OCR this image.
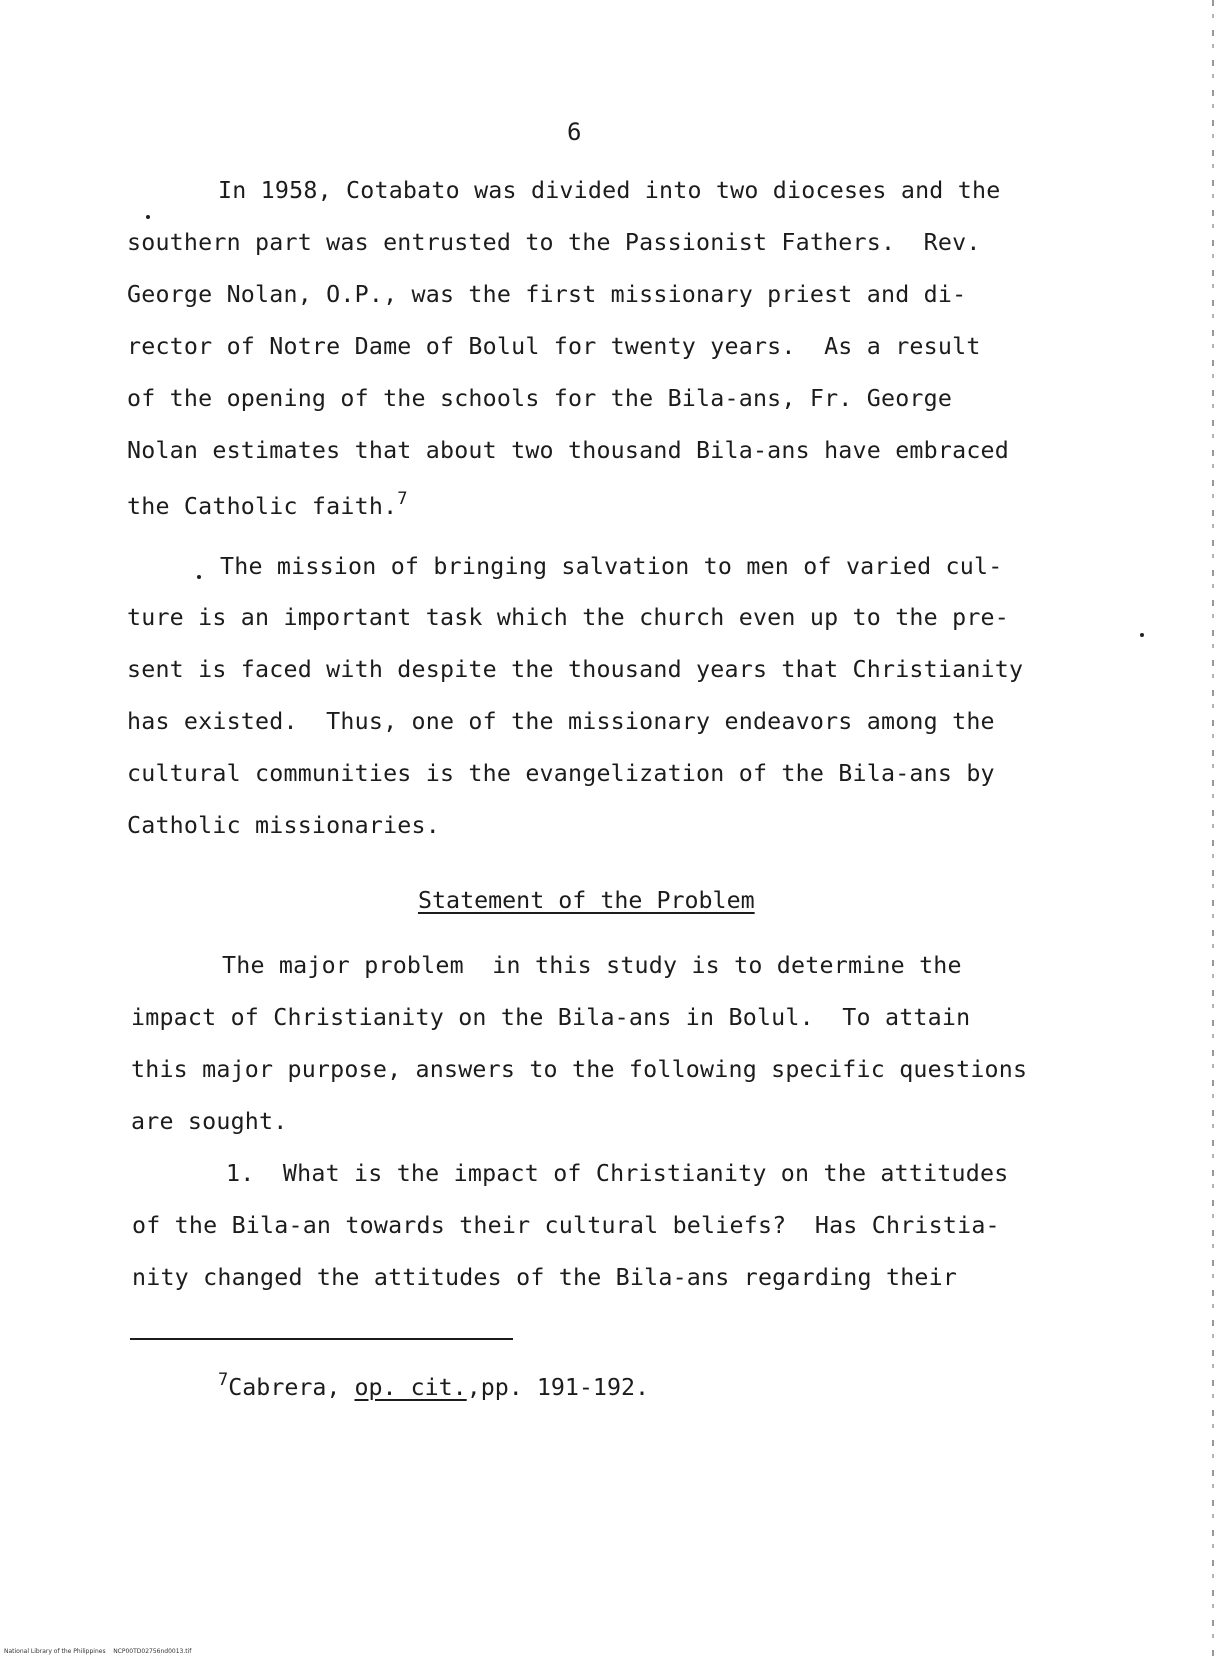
6
In 1958, Cotabato was divided into two dioceses and the
southern part was entrusted to the Passionist Fathers.  Rev.
George Nolan, O.P., was the first missionary priest and di-
rector of Notre Dame of Bolul for twenty years.  As a result
of the opening of the schools for the Bila-ans, Fr. George
Nolan estimates that about two thousand Bila-ans have embraced
the Catholic faith.$^7$
The mission of bringing salvation to men of varied cul-
ture is an important task which the church even up to the pre-
sent is faced with despite the thousand years that Christianity
has existed.  Thus, one of the missionary endeavors among the
cultural communities is the evangelization of the Bila-ans by
Catholic missionaries.
Statement of the Problem
The major problem  in this study is to determine the
impact of Christianity on the Bila-ans in Bolul.  To attain
this major purpose, answers to the following specific questions
are sought.
1.  What is the impact of Christianity on the attitudes
of the Bila-an towards their cultural beliefs?  Has Christia-
nity changed the attitudes of the Bila-ans regarding their
$^7$Cabrera, op. cit.,pp. 191-192.
National Library of the Philippines    NCP00TD02756nd0013.tif
